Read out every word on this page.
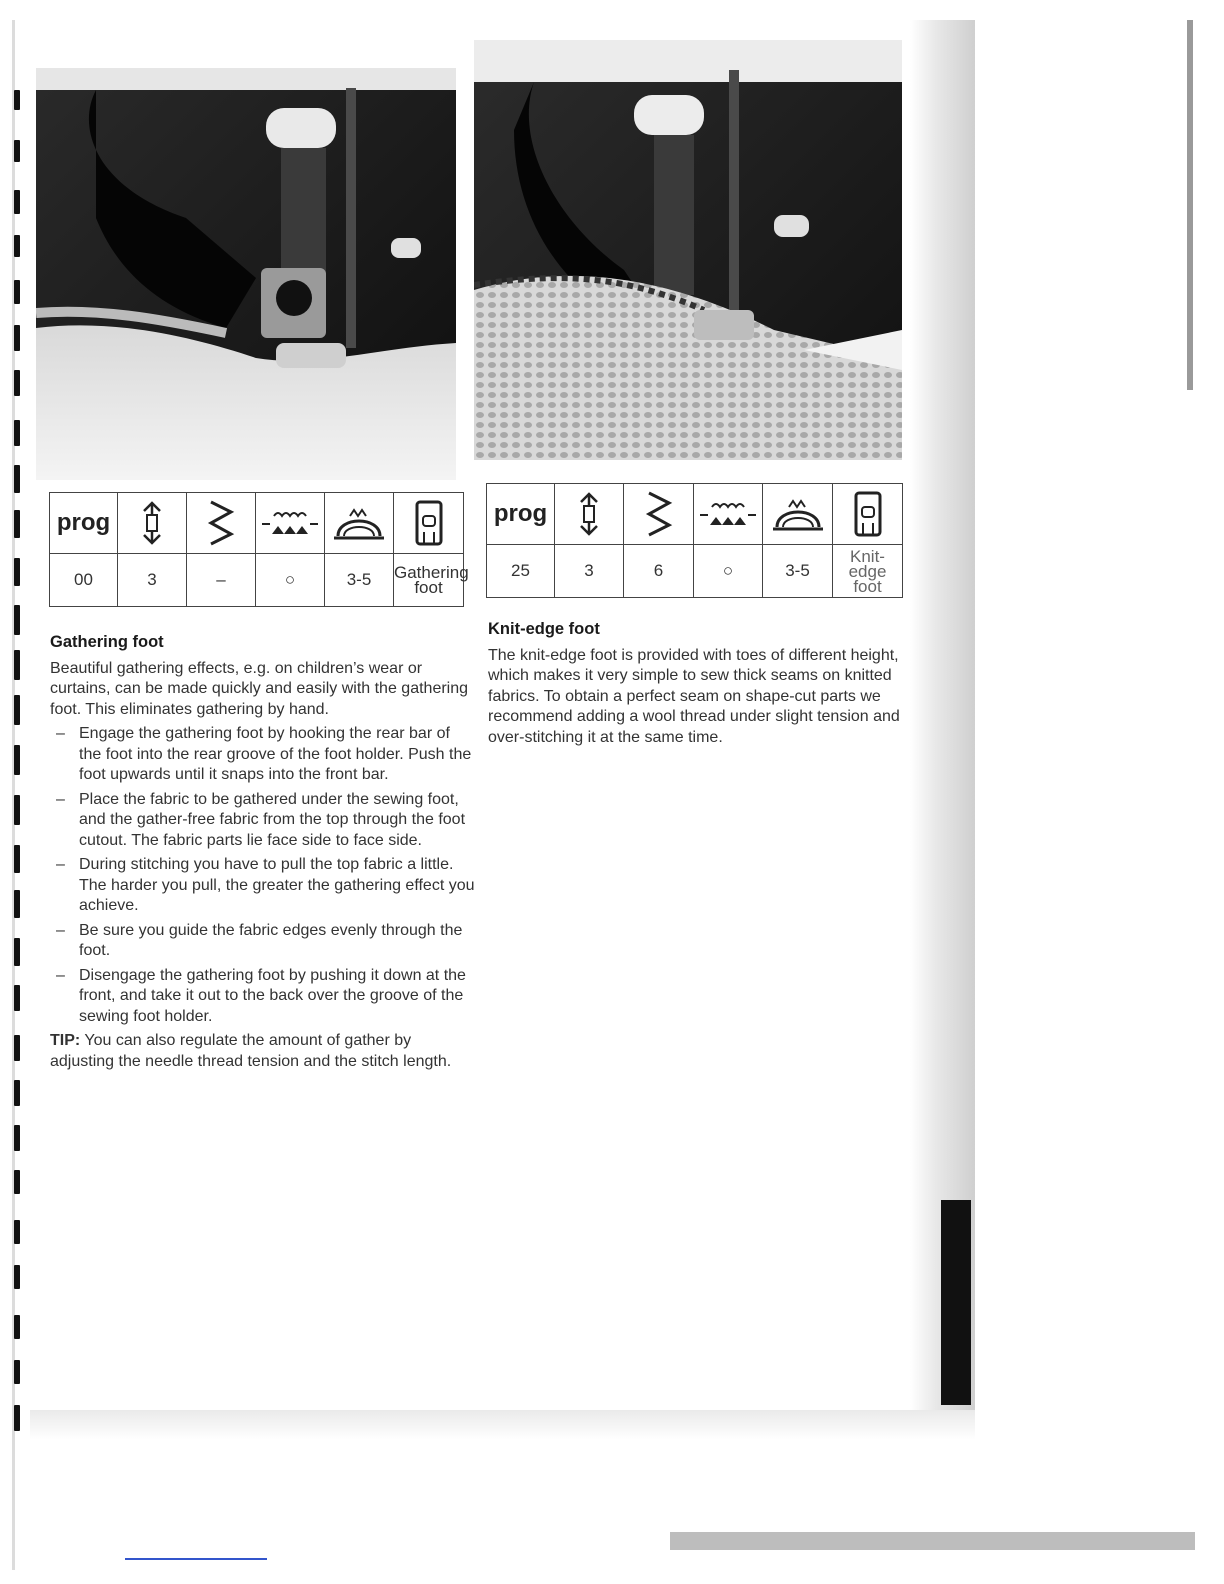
prog	

00	3	–	○	3-5	Gathering foot
prog	

25	3	6	○	3-5	Knit-edge foot
Gathering foot
Beautiful gathering effects, e.g. on children’s wear or curtains, can be made quickly and easily with the gathering foot. This eliminates gathering by hand.
– Engage the gathering foot by hooking the rear bar of the foot into the rear groove of the foot holder. Push the foot upwards until it snaps into the front bar.
– Place the fabric to be gathered under the sewing foot, and the gather-free fabric from the top through the foot cutout. The fabric parts lie face side to face side.
– During stitching you have to pull the top fabric a little. The harder you pull, the greater the gathering effect you achieve.
– Be sure you guide the fabric edges evenly through the foot.
– Disengage the gathering foot by pushing it down at the front, and take it out to the back over the groove of the sewing foot holder.
TIP: You can also regulate the amount of gather by adjusting the needle thread tension and the stitch length.
Knit-edge foot
The knit-edge foot is provided with toes of different height, which makes it very simple to sew thick seams on knitted fabrics. To obtain a perfect seam on shape-cut parts we recommend adding a wool thread under slight tension and over-stitching it at the same time.
